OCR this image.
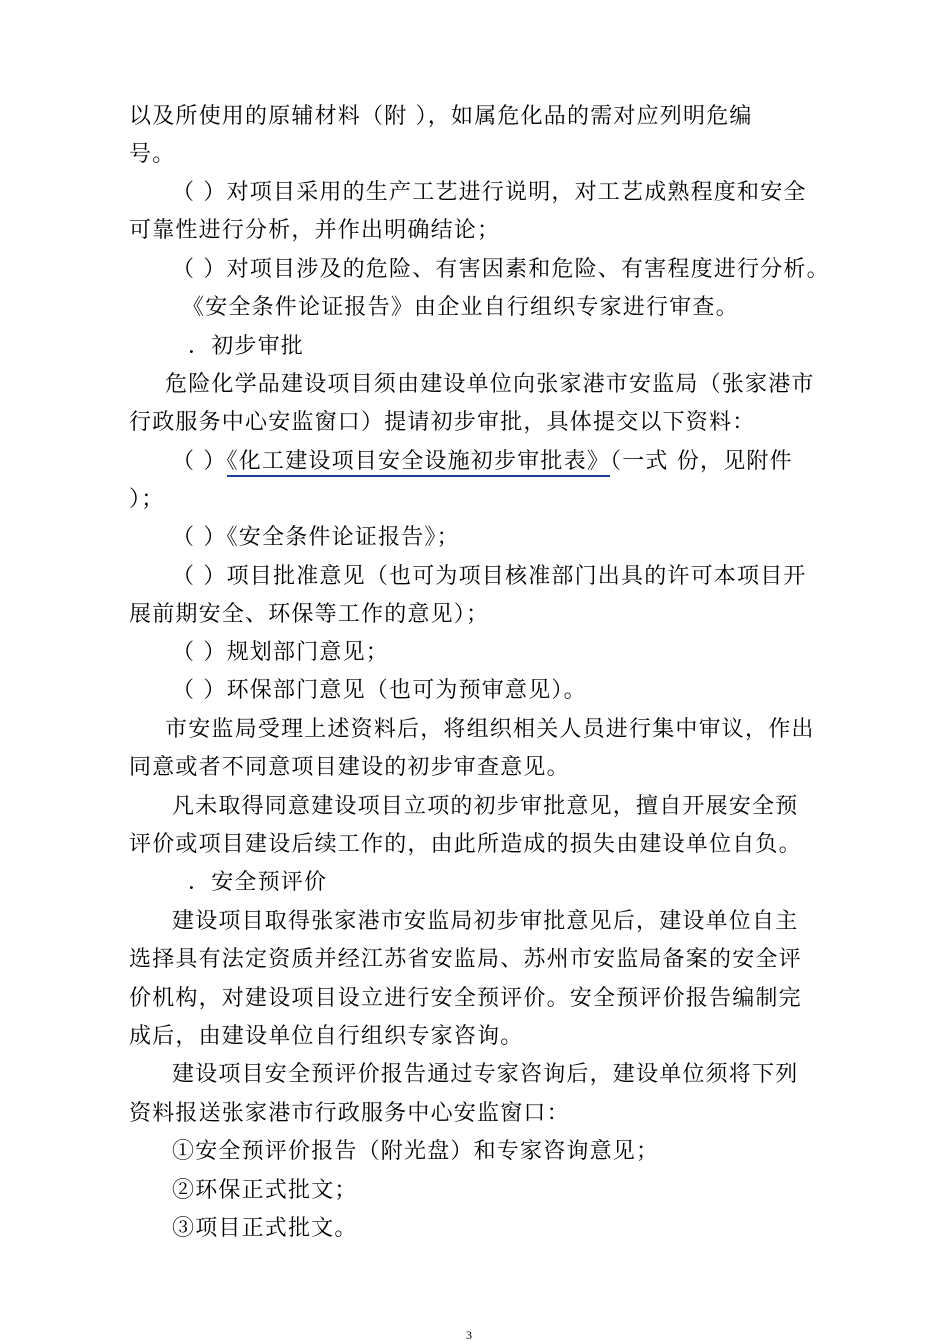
以及所使用的原辅材料（附 ），如属危化品的需对应列明危编
号。
（ ）对项目采用的生产工艺进行说明，对工艺成熟程度和安全
可靠性进行分析，并作出明确结论；
（ ）对项目涉及的危险、有害因素和危险、有害程度进行分析。
《安全条件论证报告》由企业自行组织专家进行审查。
．初步审批
危险化学品建设项目须由建设单位向张家港市安监局（张家港市
行政服务中心安监窗口）提请初步审批，具体提交以下资料：
（ ）《化工建设项目安全设施初步审批表》（一式 份，见附件
）；
（ ）《安全条件论证报告》；
（ ）项目批准意见（也可为项目核准部门出具的许可本项目开
展前期安全、环保等工作的意见）；
（ ）规划部门意见；
（ ）环保部门意见（也可为预审意见）。
市安监局受理上述资料后，将组织相关人员进行集中审议，作出
同意或者不同意项目建设的初步审查意见。
凡未取得同意建设项目立项的初步审批意见，擅自开展安全预
评价或项目建设后续工作的，由此所造成的损失由建设单位自负。
．安全预评价
建设项目取得张家港市安监局初步审批意见后，建设单位自主
选择具有法定资质并经江苏省安监局、苏州市安监局备案的安全评
价机构，对建设项目设立进行安全预评价。安全预评价报告编制完
成后，由建设单位自行组织专家咨询。
建设项目安全预评价报告通过专家咨询后，建设单位须将下列
资料报送张家港市行政服务中心安监窗口：
①安全预评价报告（附光盘）和专家咨询意见；
②环保正式批文；
③项目正式批文。
3
